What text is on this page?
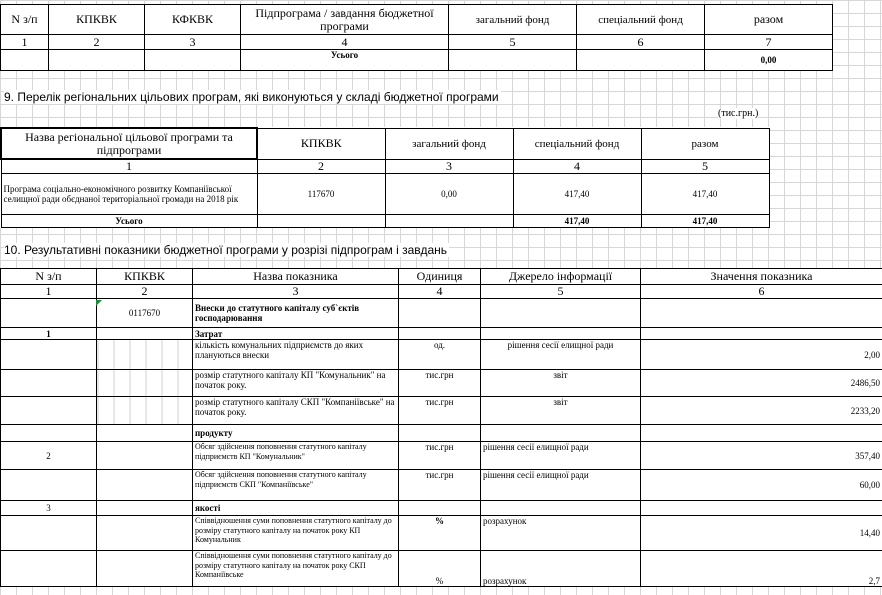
N з/п	КПКВК	КФКВК	Підпрограма / завдання бюджетної програми	загальний фонд	спеціальний фонд	разом
1	2	3	4	5	6	7
			Усього			0,00
9. Перелік регіональних цільових програм, які виконуються у складі бюджетної програми
(тис.грн.)
Назва регіональної цільової програми та підпрограми	КПКВК	загальний фонд	спеціальний фонд	разом
1	2	3	4	5
Програма соціально-економічного розвитку Компаніївської селищної ради обєднаної територіальної громади на 2018 рік	117670	0,00	417,40	417,40
Усього			417,40	417,40
10. Результативні показники бюджетної програми у розрізі підпрограм і завдань
N з/п	КПКВК	Назва показника	Одиниця	Джерело інформації	Значення показника
1	2	3	4	5	6
	0117670	Внески до статутного капіталу суб`єктів господарювання			
1		Затрат			
		кількість комунальних підприємств до яких плануються внески	од.	рішення сесії елищної ради	2,00
		розмір статутного капіталу КП "Комунальник" на початок року.	тис.грн	звіт	2486,50
		розмір статутного капіталу СКП "Компаніївське" на початок року.	тис.грн	звіт	2233,20
		продукту			
2		Обсяг здійснення поповнення статутного капіталу підприємств КП "Комунальник"	тис.грн	рішення сесії елищної ради	357,40
		Обсяг здійснення поповнення статутного капіталу підприємств СКП "Компаніївське"	тис.грн	рішення сесії елищної ради	60,00
3		якості			
		Співвідношення суми поповнення статутного капіталу до розміру статутного капіталу на початок року КП Комунальник	%	розрахунок	14,40
		Співвідношення суми поповнення статутного капіталу до розміру статутного капіталу на початок року СКП Компаніївське	%	розрахунок	2,7
